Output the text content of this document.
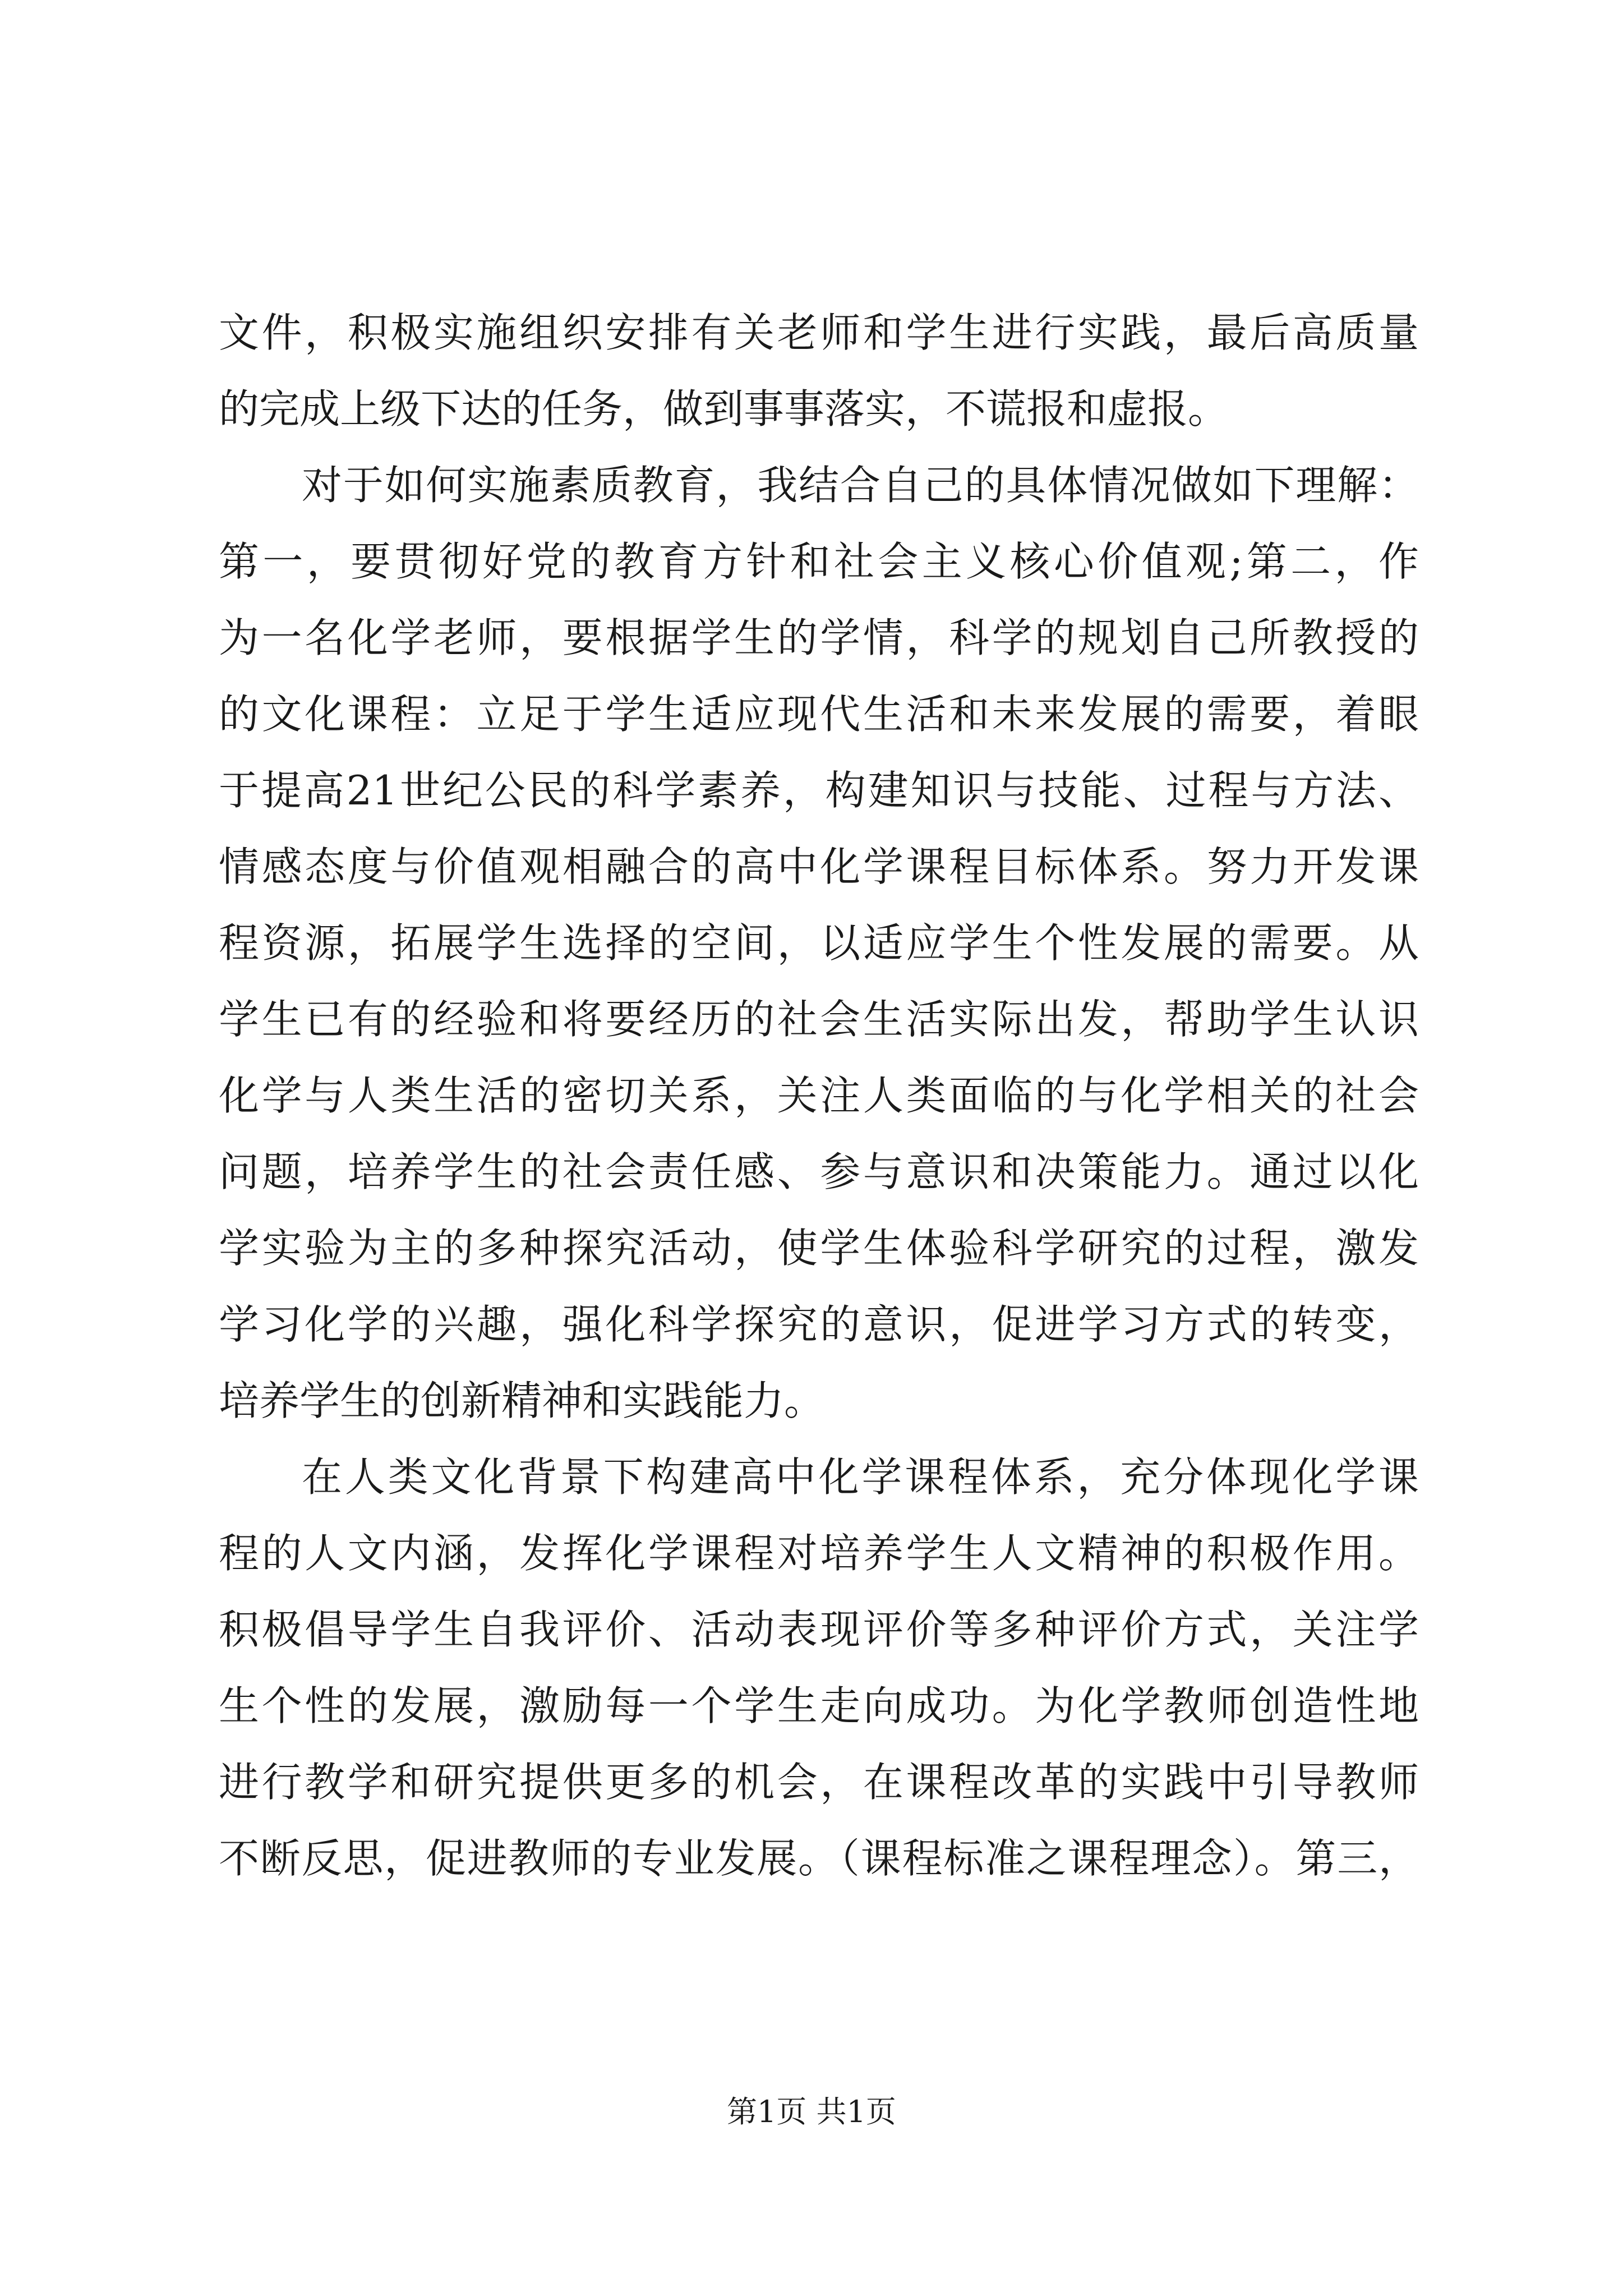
文件，积极实施组织安排有关老师和学生进行实践，最后高质量
的完成上级下达的任务，做到事事落实，不谎报和虚报。
对于如何实施素质教育，我结合自己的具体情况做如下理解：
第一，要贯彻好党的教育方针和社会主义核心价值观;第二，作
为一名化学老师，要根据学生的学情，科学的规划自己所教授的
的文化课程：立足于学生适应现代生活和未来发展的需要，着眼
于提高21世纪公民的科学素养，构建知识与技能、过程与方法、
情感态度与价值观相融合的高中化学课程目标体系。努力开发课
程资源，拓展学生选择的空间，以适应学生个性发展的需要。从
学生已有的经验和将要经历的社会生活实际出发，帮助学生认识
化学与人类生活的密切关系，关注人类面临的与化学相关的社会
问题，培养学生的社会责任感、参与意识和决策能力。通过以化
学实验为主的多种探究活动，使学生体验科学研究的过程，激发
学习化学的兴趣，强化科学探究的意识，促进学习方式的转变，
培养学生的创新精神和实践能力。
在人类文化背景下构建高中化学课程体系，充分体现化学课
程的人文内涵，发挥化学课程对培养学生人文精神的积极作用。
积极倡导学生自我评价、活动表现评价等多种评价方式，关注学
生个性的发展，激励每一个学生走向成功。为化学教师创造性地
进行教学和研究提供更多的机会，在课程改革的实践中引导教师
不断反思，促进教师的专业发展。（课程标准之课程理念）。第三，
第1页 共1页
